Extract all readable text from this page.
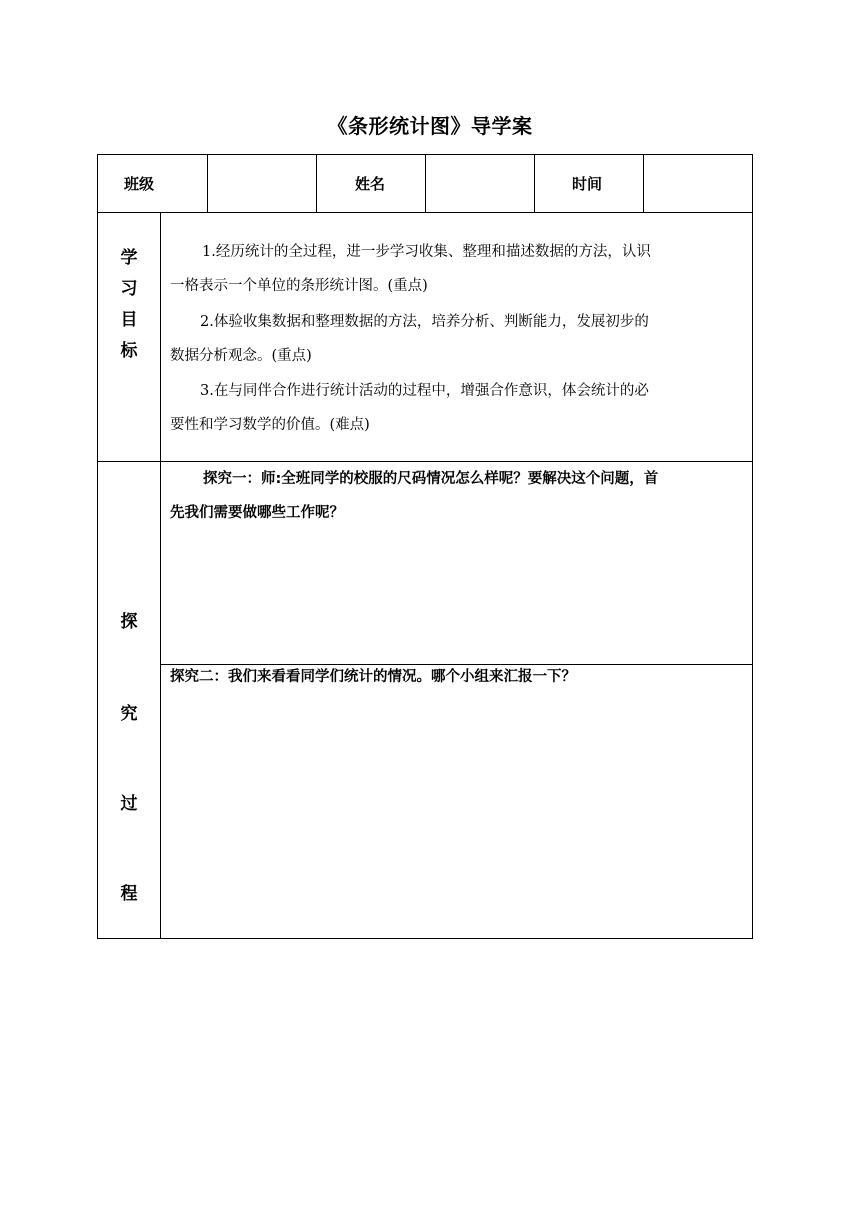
《条形统计图》导学案
班级	姓名	时间
学
习
目
标
1.经历统计的全过程，进一步学习收集、整理和描述数据的方法，认识
一格表示一个单位的条形统计图。(重点)
2.体验收集数据和整理数据的方法，培养分析、判断能力，发展初步的
数据分析观念。(重点)
3.在与同伴合作进行统计活动的过程中，增强合作意识，体会统计的必
要性和学习数学的价值。(难点)
探
究
过
程
探究一：师:全班同学的校服的尺码情况怎么样呢？要解决这个问题，首
先我们需要做哪些工作呢？
探究二：我们来看看同学们统计的情况。哪个小组来汇报一下？
